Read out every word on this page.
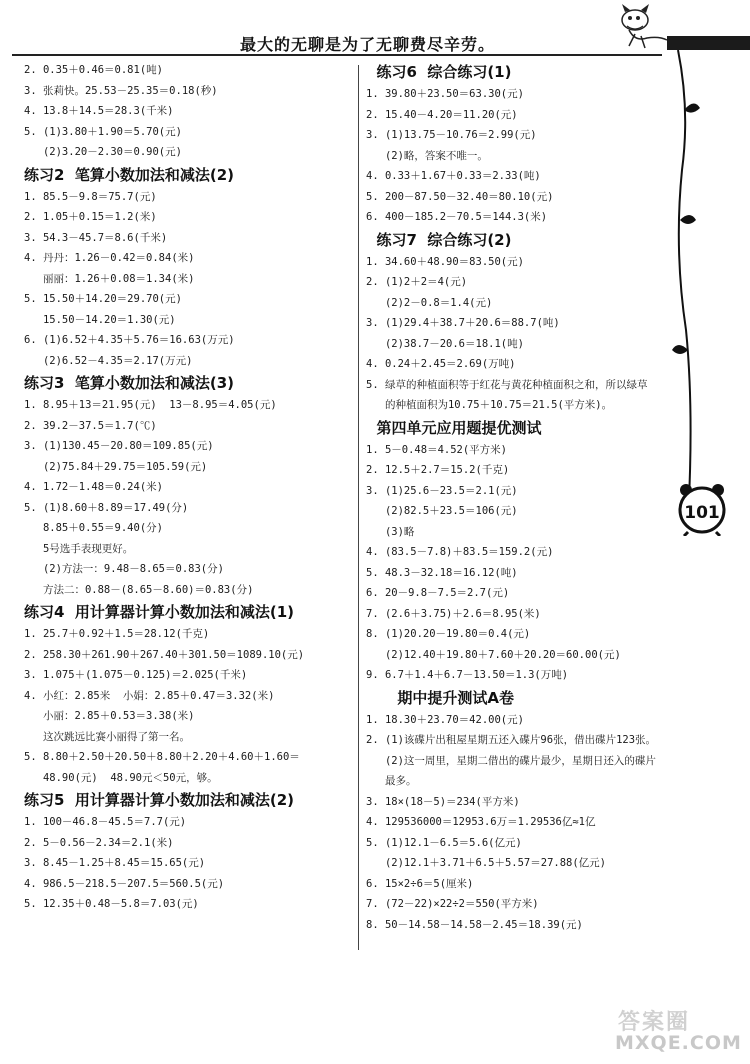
最大的无聊是为了无聊费尽辛劳。
101
2. 0.35＋0.46＝0.81(吨)
3. 张莉快。25.53－25.35＝0.18(秒)
4. 13.8＋14.5＝28.3(千米)
5. (1)3.80＋1.90＝5.70(元)
(2)3.20－2.30＝0.90(元)
练习2  笔算小数加法和减法(2)
1. 85.5－9.8＝75.7(元)
2. 1.05＋0.15＝1.2(米)
3. 54.3－45.7＝8.6(千米)
4. 丹丹：1.26－0.42＝0.84(米)
丽丽：1.26＋0.08＝1.34(米)
5. 15.50＋14.20＝29.70(元)
15.50－14.20＝1.30(元)
6. (1)6.52＋4.35＋5.76＝16.63(万元)
(2)6.52－4.35＝2.17(万元)
练习3  笔算小数加法和减法(3)
1. 8.95＋13＝21.95(元)  13－8.95＝4.05(元)
2. 39.2－37.5＝1.7(℃)
3. (1)130.45－20.80＝109.85(元)
(2)75.84＋29.75＝105.59(元)
4. 1.72－1.48＝0.24(米)
5. (1)8.60＋8.89＝17.49(分)
8.85＋0.55＝9.40(分)
5号选手表现更好。
(2)方法一：9.48－8.65＝0.83(分)
方法二：0.88－(8.65－8.60)＝0.83(分)
练习4  用计算器计算小数加法和减法(1)
1. 25.7＋0.92＋1.5＝28.12(千克)
2. 258.30＋261.90＋267.40＋301.50＝1089.10(元)
3. 1.075＋(1.075－0.125)＝2.025(千米)
4. 小红：2.85米  小娟：2.85＋0.47＝3.32(米)
小丽：2.85＋0.53＝3.38(米)
这次跳远比赛小丽得了第一名。
5. 8.80＋2.50＋20.50＋8.80＋2.20＋4.60＋1.60＝
48.90(元)  48.90元＜50元，够。
练习5  用计算器计算小数加法和减法(2)
1. 100－46.8－45.5＝7.7(元)
2. 5－0.56－2.34＝2.1(米)
3. 8.45－1.25＋8.45＝15.65(元)
4. 986.5－218.5－207.5＝560.5(元)
5. 12.35＋0.48－5.8＝7.03(元)
练习6  综合练习(1)
1. 39.80＋23.50＝63.30(元)
2. 15.40－4.20＝11.20(元)
3. (1)13.75－10.76＝2.99(元)
(2)略，答案不唯一。
4. 0.33＋1.67＋0.33＝2.33(吨)
5. 200－87.50－32.40＝80.10(元)
6. 400－185.2－70.5＝144.3(米)
练习7  综合练习(2)
1. 34.60＋48.90＝83.50(元)
2. (1)2＋2＝4(元)
(2)2－0.8＝1.4(元)
3. (1)29.4＋38.7＋20.6＝88.7(吨)
(2)38.7－20.6＝18.1(吨)
4. 0.24＋2.45＝2.69(万吨)
5. 绿草的种植面积等于红花与黄花种植面积之和，所以绿草
的种植面积为10.75＋10.75＝21.5(平方米)。
第四单元应用题提优测试
1. 5－0.48＝4.52(平方米)
2. 12.5＋2.7＝15.2(千克)
3. (1)25.6－23.5＝2.1(元)
(2)82.5＋23.5＝106(元)
(3)略
4. (83.5－7.8)＋83.5＝159.2(元)
5. 48.3－32.18＝16.12(吨)
6. 20－9.8－7.5＝2.7(元)
7. (2.6＋3.75)＋2.6＝8.95(米)
8. (1)20.20－19.80＝0.4(元)
(2)12.40＋19.80＋7.60＋20.20＝60.00(元)
9. 6.7＋1.4＋6.7－13.50＝1.3(万吨)
期中提升测试A卷
1. 18.30＋23.70＝42.00(元)
2. (1)该碟片出租屋星期五还入碟片96张，借出碟片123张。
(2)这一周里，星期二借出的碟片最少，星期日还入的碟片
最多。
3. 18×(18－5)＝234(平方米)
4. 129536000＝12953.6万＝1.29536亿≈1亿
5. (1)12.1－6.5＝5.6(亿元)
(2)12.1＋3.71＋6.5＋5.57＝27.88(亿元)
6. 15×2÷6＝5(厘米)
7. (72－22)×22÷2＝550(平方米)
8. 50－14.58－14.58－2.45＝18.39(元)
答案圈
MXQE.COM
